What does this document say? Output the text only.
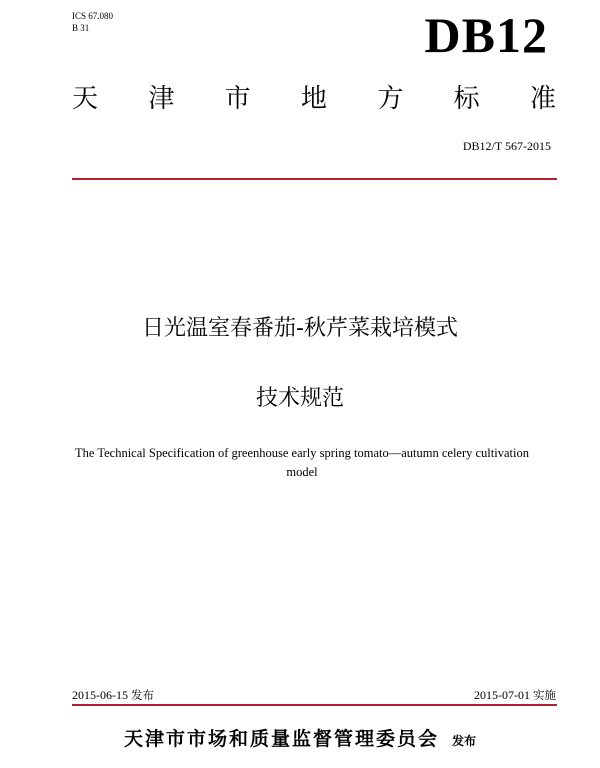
ICS 67.080
B 31	DB12
天 津 市 地 方 标 准
DB12/T 567-2015
日光温室春番茄-秋芹菜栽培模式
技术规范
The Technical Specification of greenhouse early spring tomato—autumn celery cultivation model
2015-06-15 发布	2015-07-01 实施
天津市市场和质量监督管理委员会 发布
